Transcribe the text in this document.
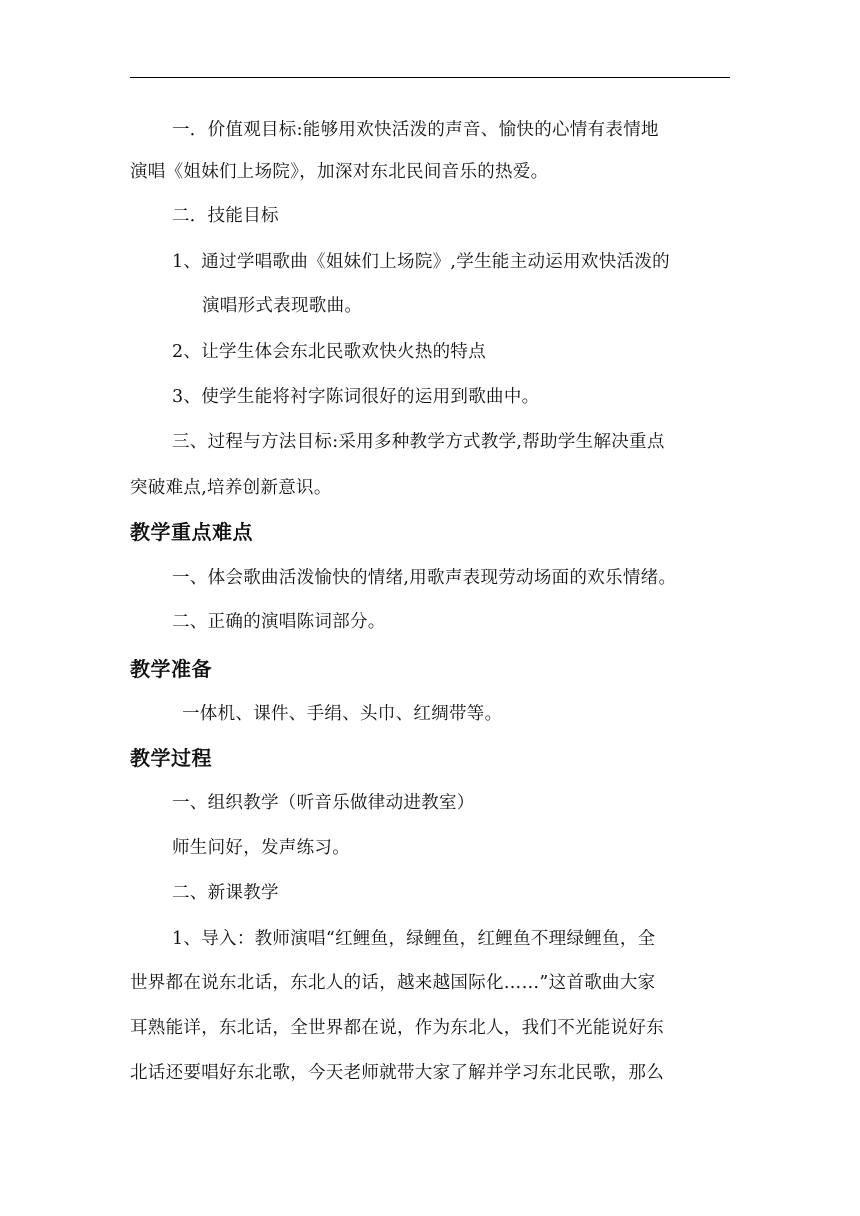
一．价值观目标:能够用欢快活泼的声音、愉快的心情有表情地
演唱《姐妹们上场院》，加深对东北民间音乐的热爱。
二．技能目标
1、通过学唱歌曲《姐妹们上场院》,学生能主动运用欢快活泼的
演唱形式表现歌曲。
2、让学生体会东北民歌欢快火热的特点
3、使学生能将衬字陈词很好的运用到歌曲中。
三、过程与方法目标:采用多种教学方式教学,帮助学生解决重点
突破难点,培养创新意识。
教学重点难点
一、体会歌曲活泼愉快的情绪,用歌声表现劳动场面的欢乐情绪。
二、正确的演唱陈词部分。
教学准备
一体机、课件、手绢、头巾、红绸带等。
教学过程
一、组织教学（听音乐做律动进教室）
师生问好，发声练习。
二、新课教学
1、导入：教师演唱“红鲤鱼，绿鲤鱼，红鲤鱼不理绿鲤鱼，全
世界都在说东北话，东北人的话，越来越国际化……”这首歌曲大家
耳熟能详，东北话，全世界都在说，作为东北人，我们不光能说好东
北话还要唱好东北歌，今天老师就带大家了解并学习东北民歌，那么
